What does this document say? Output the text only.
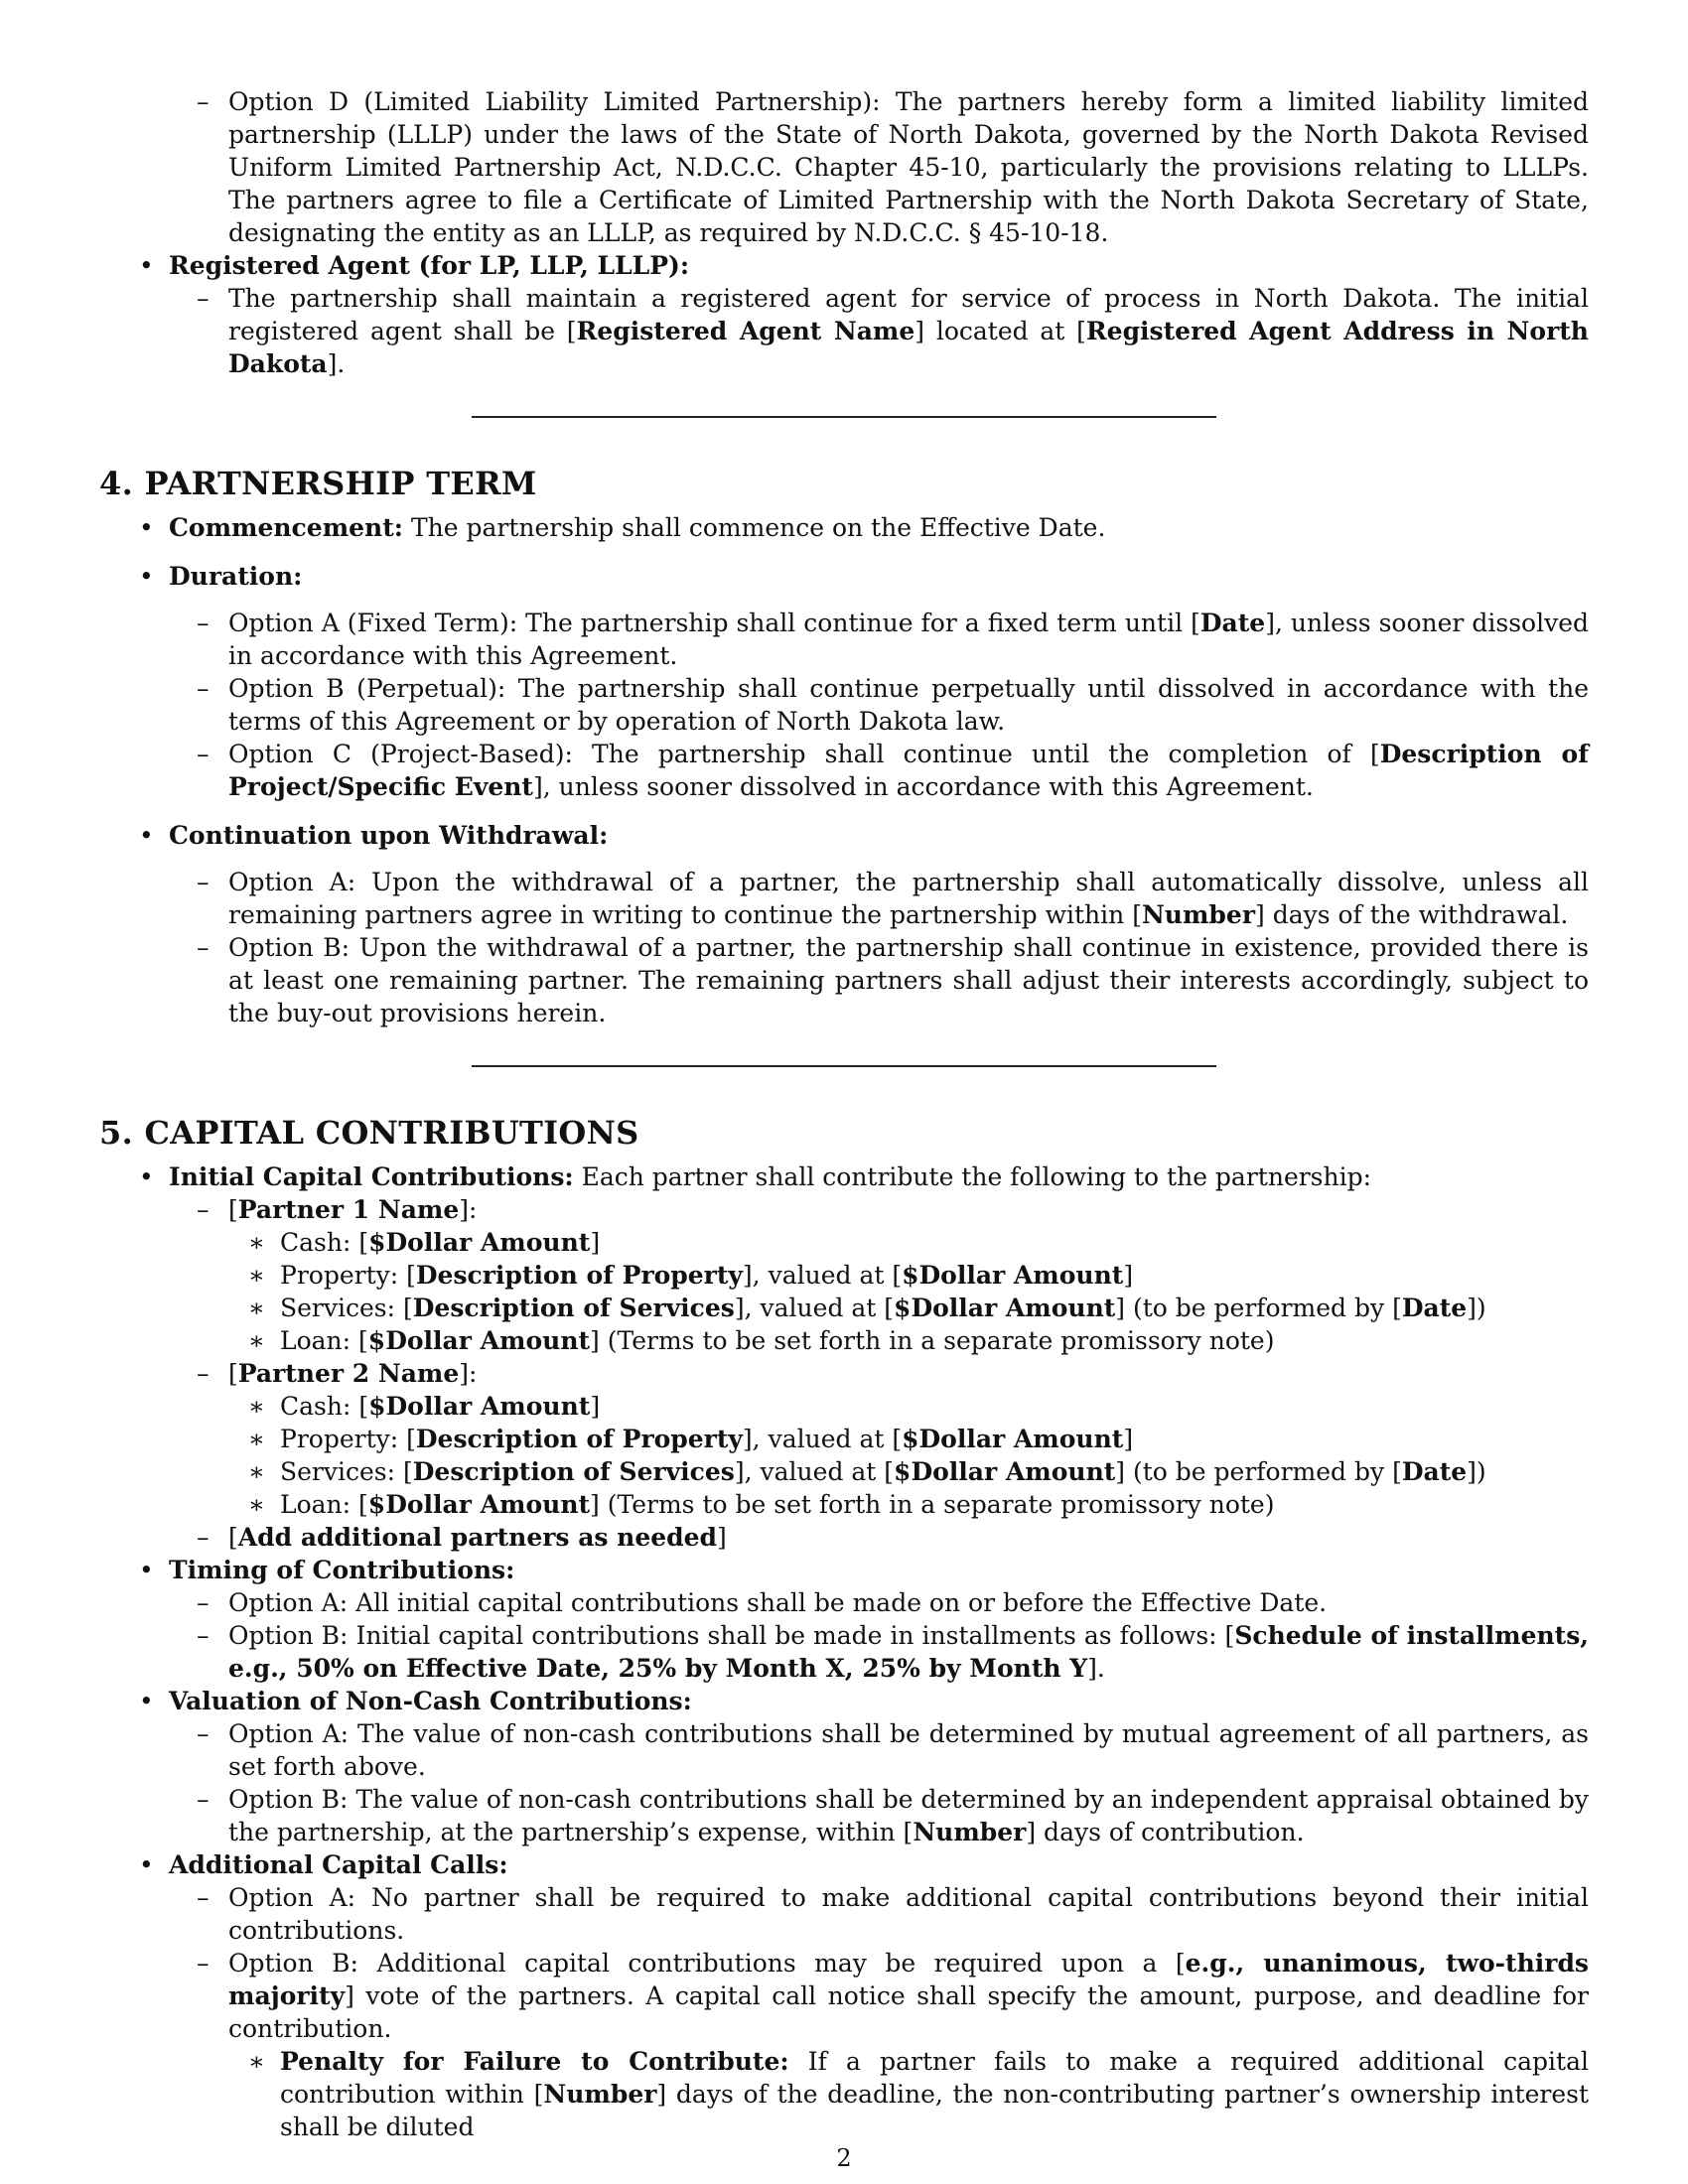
– Option D (Limited Liability Limited Partnership): The partners hereby form a limited liability limited partnership (LLLP) under the laws of the State of North Dakota, governed by the North Dakota Revised Uniform Limited Partnership Act, N.D.C.C. Chapter 45-10, particularly the provisions relating to LLLPs. The partners agree to file a Certificate of Limited Partnership with the North Dakota Secretary of State, designating the entity as an LLLP, as required by N.D.C.C. § 45-10-18.

• Registered Agent (for LP, LLP, LLLP):

– The partnership shall maintain a registered agent for service of process in North Dakota. The initial registered agent shall be [Registered Agent Name] located at [Registered Agent Address in North Dakota].

4. PARTNERSHIP TERM

• Commencement: The partnership shall commence on the Effective Date.

• Duration:

– Option A (Fixed Term): The partnership shall continue for a fixed term until [Date], unless sooner dissolved in accordance with this Agreement.

– Option B (Perpetual): The partnership shall continue perpetually until dissolved in accordance with the terms of this Agreement or by operation of North Dakota law.

– Option C (Project-Based): The partnership shall continue until the completion of [Description of Project/Specific Event], unless sooner dissolved in accordance with this Agreement.

• Continuation upon Withdrawal:

– Option A: Upon the withdrawal of a partner, the partnership shall automatically dissolve, unless all remaining partners agree in writing to continue the partnership within [Number] days of the withdrawal.

– Option B: Upon the withdrawal of a partner, the partnership shall continue in existence, provided there is at least one remaining partner. The remaining partners shall adjust their interests accordingly, subject to the buy-out provisions herein.

5. CAPITAL CONTRIBUTIONS

• Initial Capital Contributions: Each partner shall contribute the following to the partnership:

– [Partner 1 Name]:

∗ Cash: [$Dollar Amount]

∗ Property: [Description of Property], valued at [$Dollar Amount]

∗ Services: [Description of Services], valued at [$Dollar Amount] (to be performed by [Date])

∗ Loan: [$Dollar Amount] (Terms to be set forth in a separate promissory note)

– [Partner 2 Name]:

∗ Cash: [$Dollar Amount]

∗ Property: [Description of Property], valued at [$Dollar Amount]

∗ Services: [Description of Services], valued at [$Dollar Amount] (to be performed by [Date])

∗ Loan: [$Dollar Amount] (Terms to be set forth in a separate promissory note)

– [Add additional partners as needed]

• Timing of Contributions:

– Option A: All initial capital contributions shall be made on or before the Effective Date.

– Option B: Initial capital contributions shall be made in installments as follows: [Schedule of installments, e.g., 50% on Effective Date, 25% by Month X, 25% by Month Y].

• Valuation of Non-Cash Contributions:

– Option A: The value of non-cash contributions shall be determined by mutual agreement of all partners, as set forth above.

– Option B: The value of non-cash contributions shall be determined by an independent appraisal obtained by the partnership, at the partnership’s expense, within [Number] days of contribution.

• Additional Capital Calls:

– Option A: No partner shall be required to make additional capital contributions beyond their initial contributions.

– Option B: Additional capital contributions may be required upon a [e.g., unanimous, two-thirds majority] vote of the partners. A capital call notice shall specify the amount, purpose, and deadline for contribution.

∗ Penalty for Failure to Contribute: If a partner fails to make a required additional capital contribution within [Number] days of the deadline, the non-contributing partner’s ownership interest shall be diluted

2
